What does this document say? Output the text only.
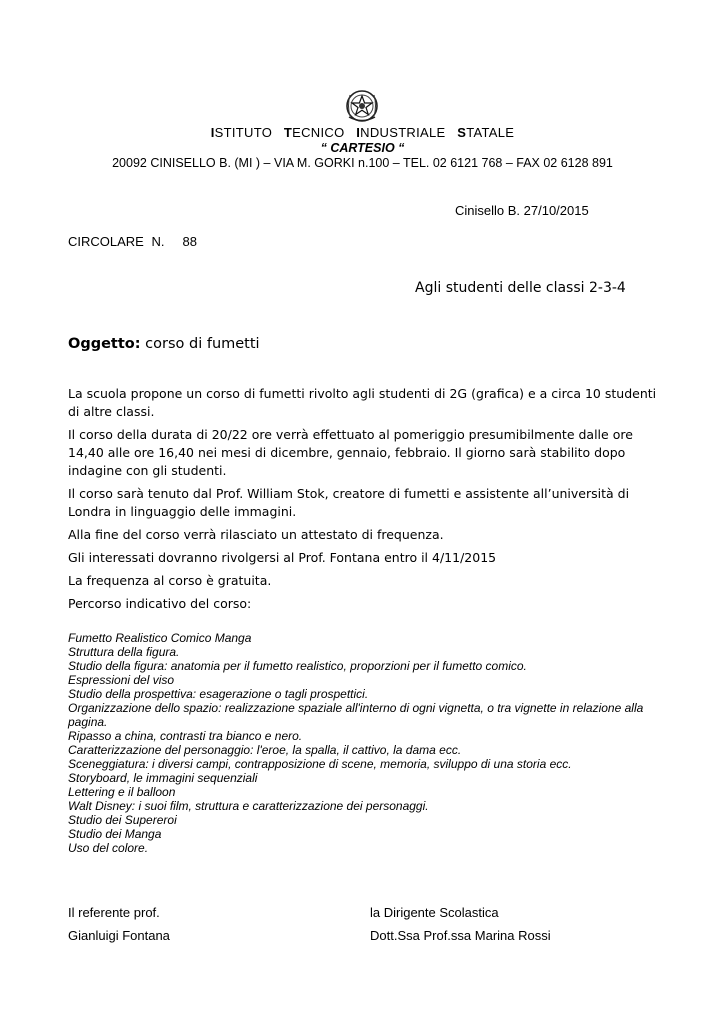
ISTITUTO TECNICO INDUSTRIALE STATALE
“ CARTESIO “
20092 CINISELLO B. (MI ) – VIA M. GORKI n.100 – TEL. 02 6121 768 – FAX 02 6128 891
Cinisello B. 27/10/2015
CIRCOLARE N. 88
Agli studenti delle classi 2-3-4
Oggetto: corso di fumetti

La scuola propone un corso di fumetti rivolto agli studenti di 2G (grafica) e a circa 10 studenti di altre classi.

Il corso della durata di 20/22 ore verrà effettuato al pomeriggio presumibilmente dalle ore 14,40 alle ore 16,40 nei mesi di dicembre, gennaio, febbraio. Il giorno sarà stabilito dopo indagine con gli studenti.

Il corso sarà tenuto dal Prof. William Stok, creatore di fumetti e assistente all’università di Londra in linguaggio delle immagini.

Alla fine del corso verrà rilasciato un attestato di frequenza.

Gli interessati dovranno rivolgersi al Prof. Fontana entro il 4/11/2015

La frequenza al corso è gratuita.

Percorso indicativo del corso:

Fumetto Realistico Comico Manga
Struttura della figura.
Studio della figura: anatomia per il fumetto realistico, proporzioni per il fumetto comico.
Espressioni del viso
Studio della prospettiva: esagerazione o tagli prospettici.
Organizzazione dello spazio: realizzazione spaziale all'interno di ogni vignetta, o tra vignette in relazione alla pagina.
Ripasso a china, contrasti tra bianco e nero.
Caratterizzazione del personaggio: l'eroe, la spalla, il cattivo, la dama ecc.
Sceneggiatura: i diversi campi, contrapposizione di scene, memoria, sviluppo di una storia ecc.
Storyboard, le immagini sequenziali
Lettering e il balloon
Walt Disney: i suoi film, struttura e caratterizzazione dei personaggi.
Studio dei Supereroi
Studio dei Manga
Uso del colore.
Il referente prof.
Gianluigi Fontana
la Dirigente Scolastica
Dott.Ssa Prof.ssa Marina Rossi
